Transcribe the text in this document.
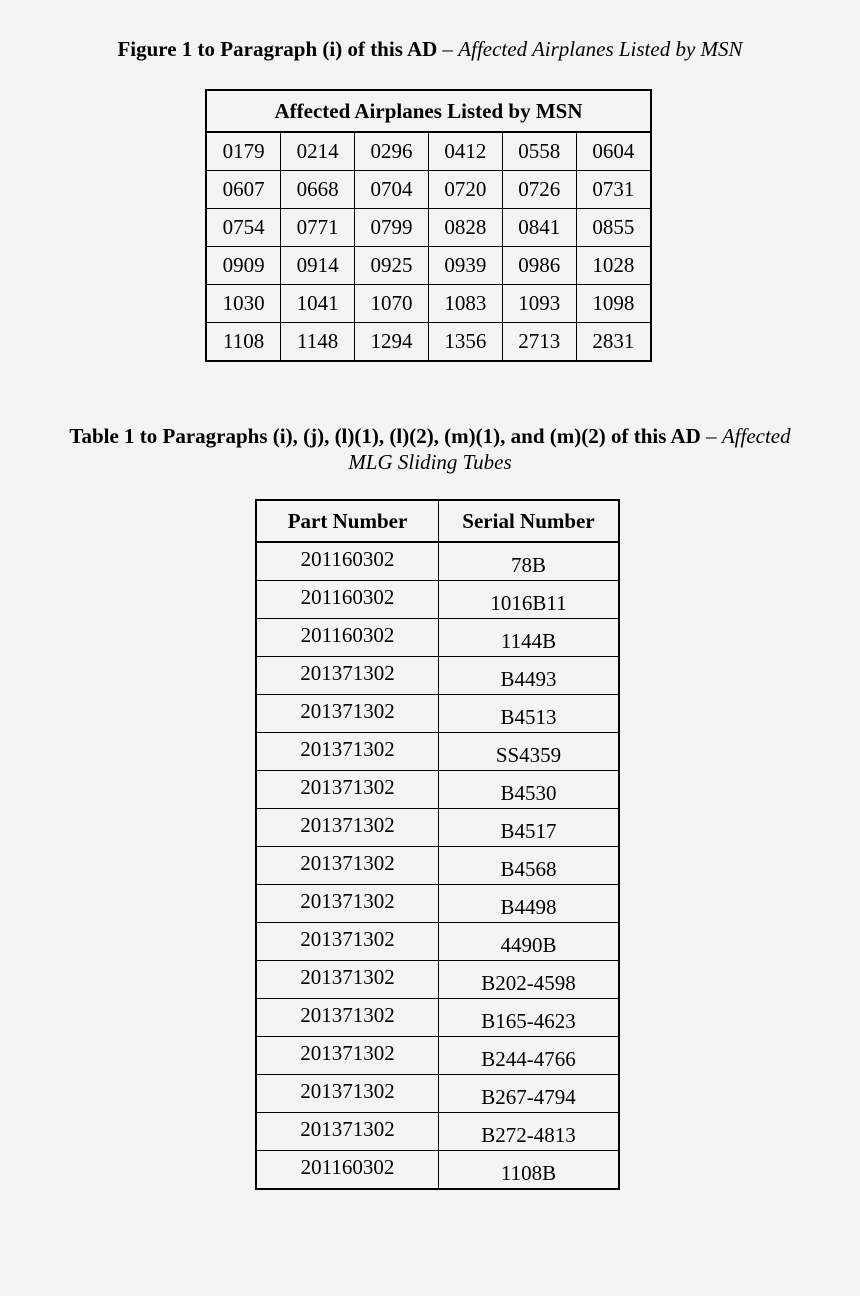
Figure 1 to Paragraph (i) of this AD – Affected Airplanes Listed by MSN
Affected Airplanes Listed by MSN					
0179	0214	0296	0412	0558	0604
0607	0668	0704	0720	0726	0731
0754	0771	0799	0828	0841	0855
0909	0914	0925	0939	0986	1028
1030	1041	1070	1083	1093	1098
1108	1148	1294	1356	2713	2831
Table 1 to Paragraphs (i), (j), (l)(1), (l)(2), (m)(1), and (m)(2) of this AD – Affected
MLG Sliding Tubes
Part Number	Serial Number
201160302	78B
201160302	1016B11
201160302	1144B
201371302	B4493
201371302	B4513
201371302	SS4359
201371302	B4530
201371302	B4517
201371302	B4568
201371302	B4498
201371302	4490B
201371302	B202-4598
201371302	B165-4623
201371302	B244-4766
201371302	B267-4794
201371302	B272-4813
201160302	1108B
